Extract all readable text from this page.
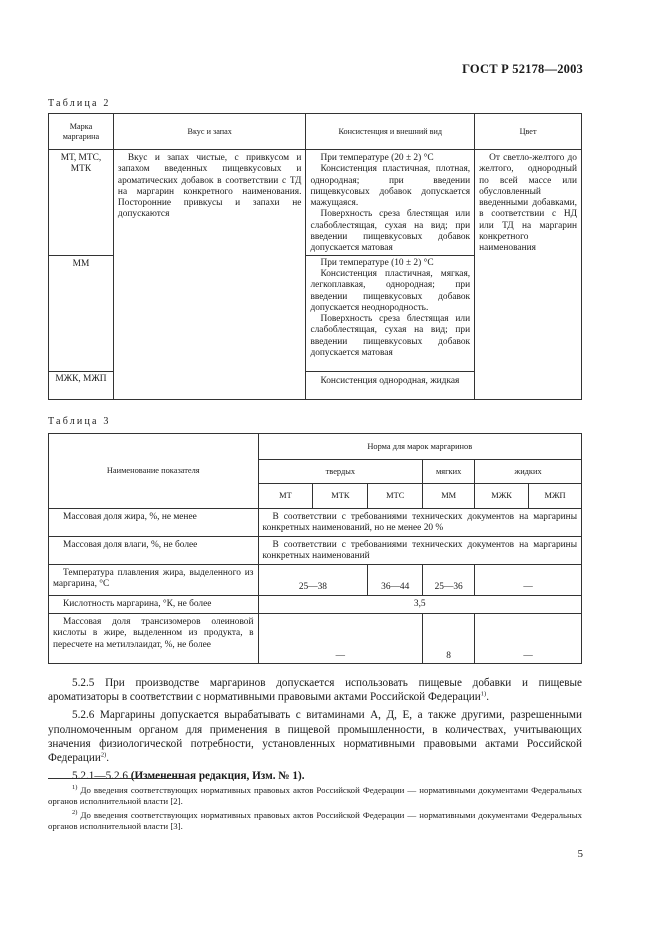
ГОСТ Р 52178—2003
Таблица 2
Марка маргарина	Вкус и запах	Консистенция и внешний вид	Цвет
МТ, МТС, МТК	Вкус и запах чистые, с привкусом и запахом введенных пищевкусовых и ароматических добавок в соответствии с ТД на маргарин конкретного наименования. Посторонние привкусы и запахи не допускаются	При температуре (20 ± 2) °С

Консистенция пластичная, плотная, однородная; при введении пищевкусовых добавок допускается мажущаяся.

Поверхность среза блестящая или слабоблестящая, сухая на вид; при введении пищевкусовых добавок допускается матовая	От светло-желтого до желтого, однородный по всей массе или обусловленный введенными добавками, в соответствии с НД или ТД на маргарин конкретного наименования
ММ		При температуре (10 ± 2) °С

Консистенция пластичная, мягкая, легкоплавкая, однородная; при введении пищевкусовых добавок допускается неоднородность.

Поверхность среза блестящая или слабоблестящая, сухая на вид; при введении пищевкусовых добавок допускается матовая	

МЖК, МЖП		Консистенция однородная, жидкая	
Таблица 3
Наименование показателя	Норма для марок маргаринов					
	твердых			мягких	жидких	
	МТ	МТК	МТС	ММ	МЖК	МЖП
Массовая доля жира, %, не менее	В соответствии с требованиями технических документов на маргарины конкретных наименований, но не менее 20 %					
Массовая доля влаги, %, не более	В соответствии с требованиями технических документов на маргарины конкретных наименований					
Температура плавления жира, выделенного из маргарина, °С	25—38		36—44	25—36	—	
Кислотность маргарина, °К, не более	3,5					
Массовая доля трансизомеров олеиновой кислоты в жире, выделенном из продукта, в пересчете на метилэлаидат, %, не более	—			8	—	

5.2.5 При производстве маргаринов допускается использовать пищевые добавки и пищевые ароматизаторы в соответствии с нормативными правовыми актами Российской Федерации$^{1)}$.

5.2.6 Маргарины допускается вырабатывать с витаминами А, Д, Е, а также другими, разрешенными уполномоченным органом для применения в пищевой промышленности, в количествах, учитывающих значения физиологической потребности, установленных нормативными правовыми актами Российской Федерации$^{2)}$.

5.2.1—5.2.6 (Измененная редакция, Изм. № 1).

$^{1)}$ До введения соответствующих нормативных правовых актов Российской Федерации — нормативными документами Федеральных органов исполнительной власти [2].

$^{2)}$ До введения соответствующих нормативных правовых актов Российской Федерации — нормативными документами Федеральных органов исполнительной власти [3].

5
